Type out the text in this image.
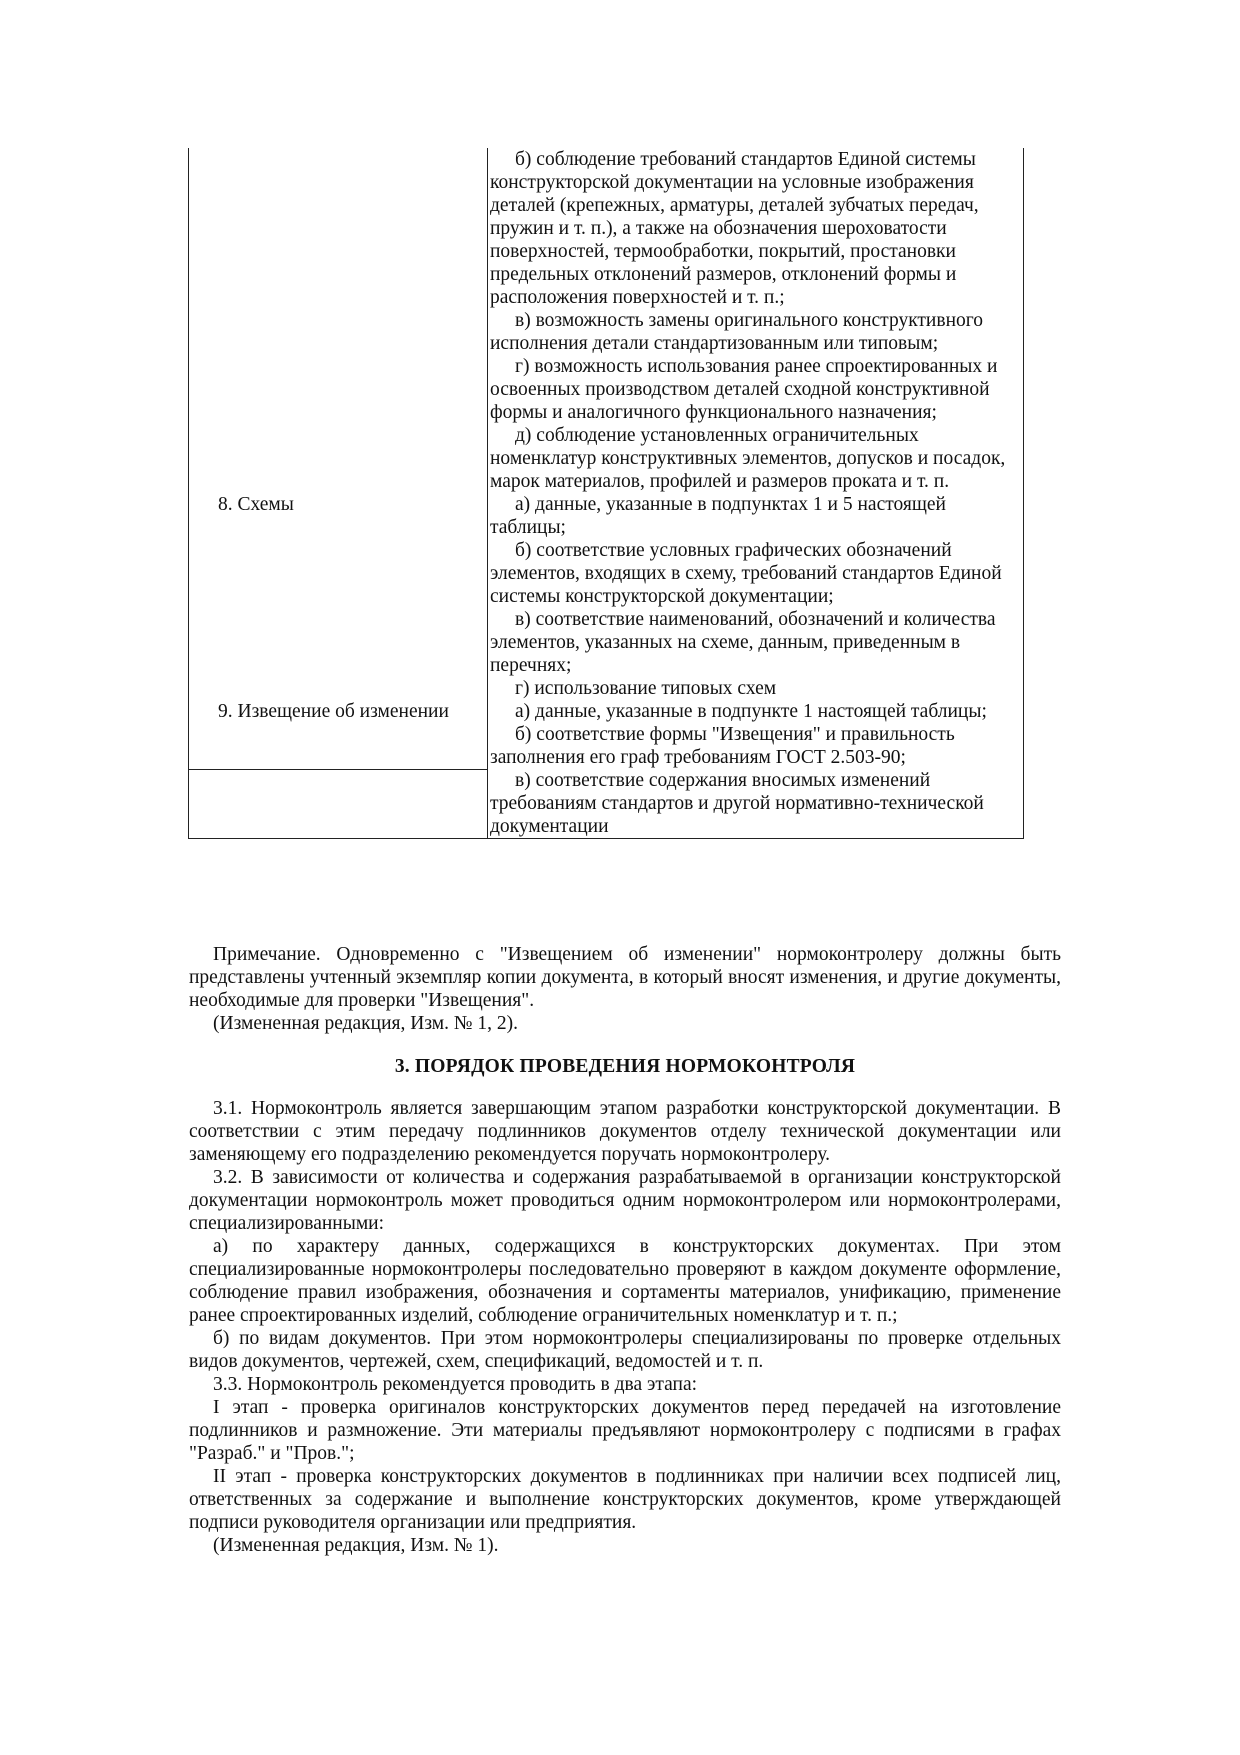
	б) соблюдение требований стандартов Единой системы конструкторской документации на условные изображения деталей (крепежных, арматуры, деталей зубчатых передач, пружин и т. п.), а также на обозначения шероховатости поверхностей, термообработки, покрытий, простановки предельных отклонений размеров, отклонений формы и расположения поверхностей и т. п.;
в) возможность замены оригинального конструктивного исполнения детали стандартизованным или типовым;
г) возможность использования ранее спроектированных и освоенных производством деталей сходной конструктивной формы и аналогичного функционального назначения;
д) соблюдение установленных ограничительных номенклатур конструктивных элементов, допусков и посадок, марок материалов, профилей и размеров проката и т. п.

8. Схемы	а) данные, указанные в подпунктах 1 и 5 настоящей таблицы;
б) соответствие условных графических обозначений элементов, входящих в схему, требований стандартов Единой системы конструкторской документации;
в) соответствие наименований, обозначений и количества элементов, указанных на схеме, данным, приведенным в перечнях;
г) использование типовых схем

9. Извещение об изменении	а) данные, указанные в подпункте 1 настоящей таблицы;
б) соответствие формы "Извещения" и правильность заполнения его граф требованиям ГОСТ 2.503-90;

	в) соответствие содержания вносимых изменений требованиям стандартов и другой нормативно-технической документации

Примечание. Одновременно с "Извещением об изменении" нормоконтролеру должны быть представлены учтенный экземпляр копии документа, в который вносят изменения, и другие документы, необходимые для проверки "Извещения".

(Измененная редакция, Изм. № 1, 2).

3. ПОРЯДОК ПРОВЕДЕНИЯ НОРМОКОНТРОЛЯ

3.1. Нормоконтроль является завершающим этапом разработки конструкторской документации. В соответствии с этим передачу подлинников документов отделу технической документации или заменяющему его подразделению рекомендуется поручать нормоконтролеру.

3.2. В зависимости от количества и содержания разрабатываемой в организации конструкторской документации нормоконтроль может проводиться одним нормоконтролером или нормоконтролерами, специализированными:

а) по характеру данных, содержащихся в конструкторских документах. При этом специализированные нормоконтролеры последовательно проверяют в каждом документе оформление, соблюдение правил изображения, обозначения и сортаменты материалов, унификацию, применение ранее спроектированных изделий, соблюдение ограничительных номенклатур и т. п.;

б) по видам документов. При этом нормоконтролеры специализированы по проверке отдельных видов документов, чертежей, схем, спецификаций, ведомостей и т. п.

3.3. Нормоконтроль рекомендуется проводить в два этапа:

I этап - проверка оригиналов конструкторских документов перед передачей на изготовление подлинников и размножение. Эти материалы предъявляют нормоконтролеру с подписями в графах "Разраб." и "Пров.";

II этап - проверка конструкторских документов в подлинниках при наличии всех подписей лиц, ответственных за содержание и выполнение конструкторских документов, кроме утверждающей подписи руководителя организации или предприятия.

(Измененная редакция, Изм. № 1).
